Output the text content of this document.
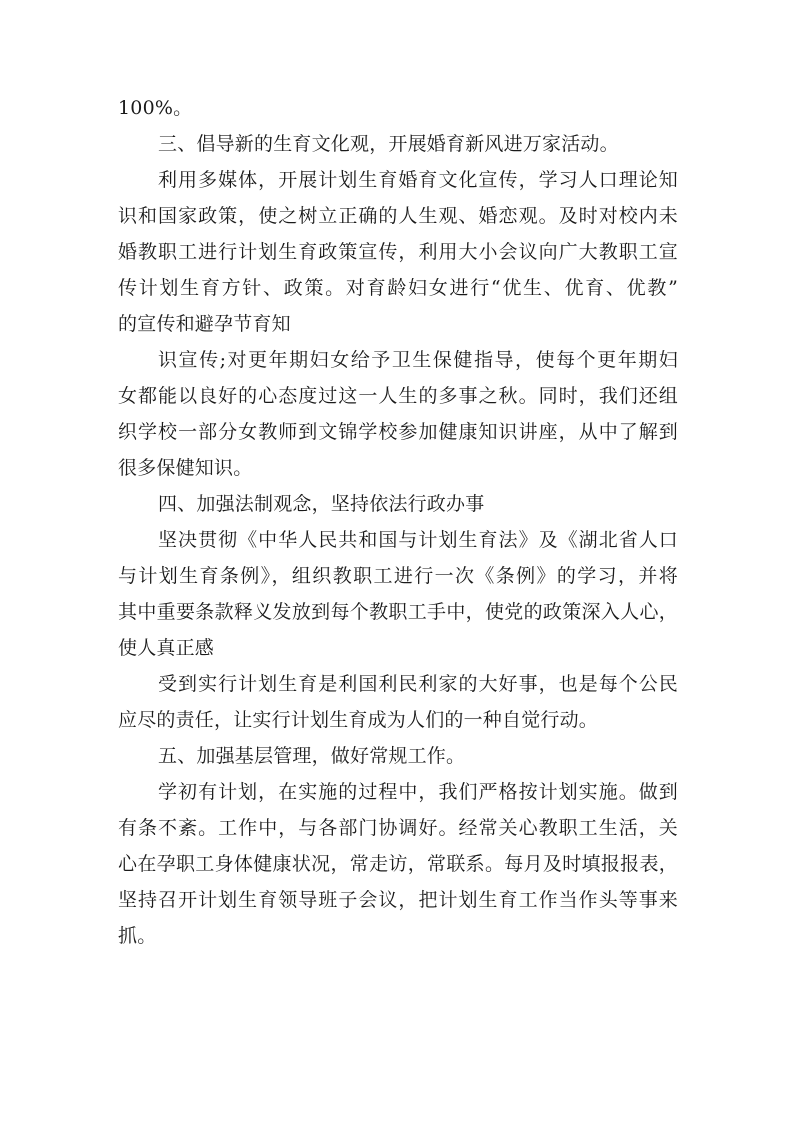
100%。
三、倡导新的生育文化观，开展婚育新风进万家活动。
利用多媒体，开展计划生育婚育文化宣传，学习人口理论知
识和国家政策，使之树立正确的人生观、婚恋观。及时对校内未
婚教职工进行计划生育政策宣传，利用大小会议向广大教职工宣
传计划生育方针、政策。对育龄妇女进行“优生、优育、优教”
的宣传和避孕节育知
识宣传;对更年期妇女给予卫生保健指导，使每个更年期妇
女都能以良好的心态度过这一人生的多事之秋。同时，我们还组
织学校一部分女教师到文锦学校参加健康知识讲座，从中了解到
很多保健知识。
四、加强法制观念，坚持依法行政办事
坚决贯彻《中华人民共和国与计划生育法》及《湖北省人口
与计划生育条例》，组织教职工进行一次《条例》的学习，并将
其中重要条款释义发放到每个教职工手中，使党的政策深入人心，
使人真正感
受到实行计划生育是利国利民利家的大好事，也是每个公民
应尽的责任，让实行计划生育成为人们的一种自觉行动。
五、加强基层管理，做好常规工作。
学初有计划，在实施的过程中，我们严格按计划实施。做到
有条不紊。工作中，与各部门协调好。经常关心教职工生活，关
心在孕职工身体健康状况，常走访，常联系。每月及时填报报表，
坚持召开计划生育领导班子会议，把计划生育工作当作头等事来
抓。
